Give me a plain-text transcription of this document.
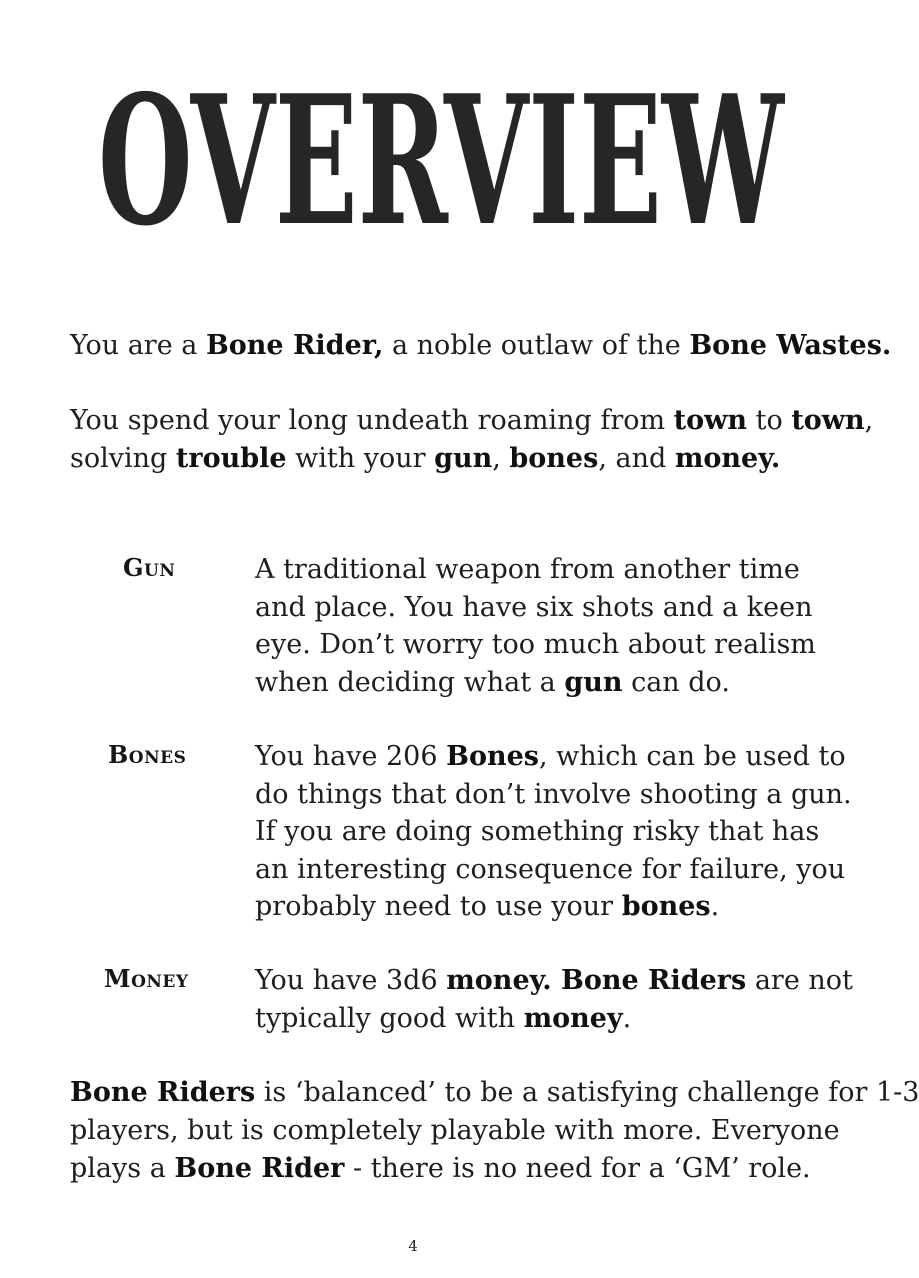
OVERVIEW
You are a Bone Rider, a noble outlaw of the Bone Wastes.
You spend your long undeath roaming from town to town,
solving trouble with your gun, bones, and money.
Gun	A traditional weapon from another time
and place. You have six shots and a keen
eye. Don’t worry too much about realism
when deciding what a gun can do.
Bones	You have 206 Bones, which can be used to
do things that don’t involve shooting a gun.
If you are doing something risky that has
an interesting consequence for failure, you
probably need to use your bones.
Money You have 3d6 money. Bone Riders are not
typically good with money.
Bone Riders is ‘balanced’ to be a satisfying challenge for 1-3
players, but is completely playable with more. Everyone
plays a Bone Rider - there is no need for a ‘GM’ role.
4
